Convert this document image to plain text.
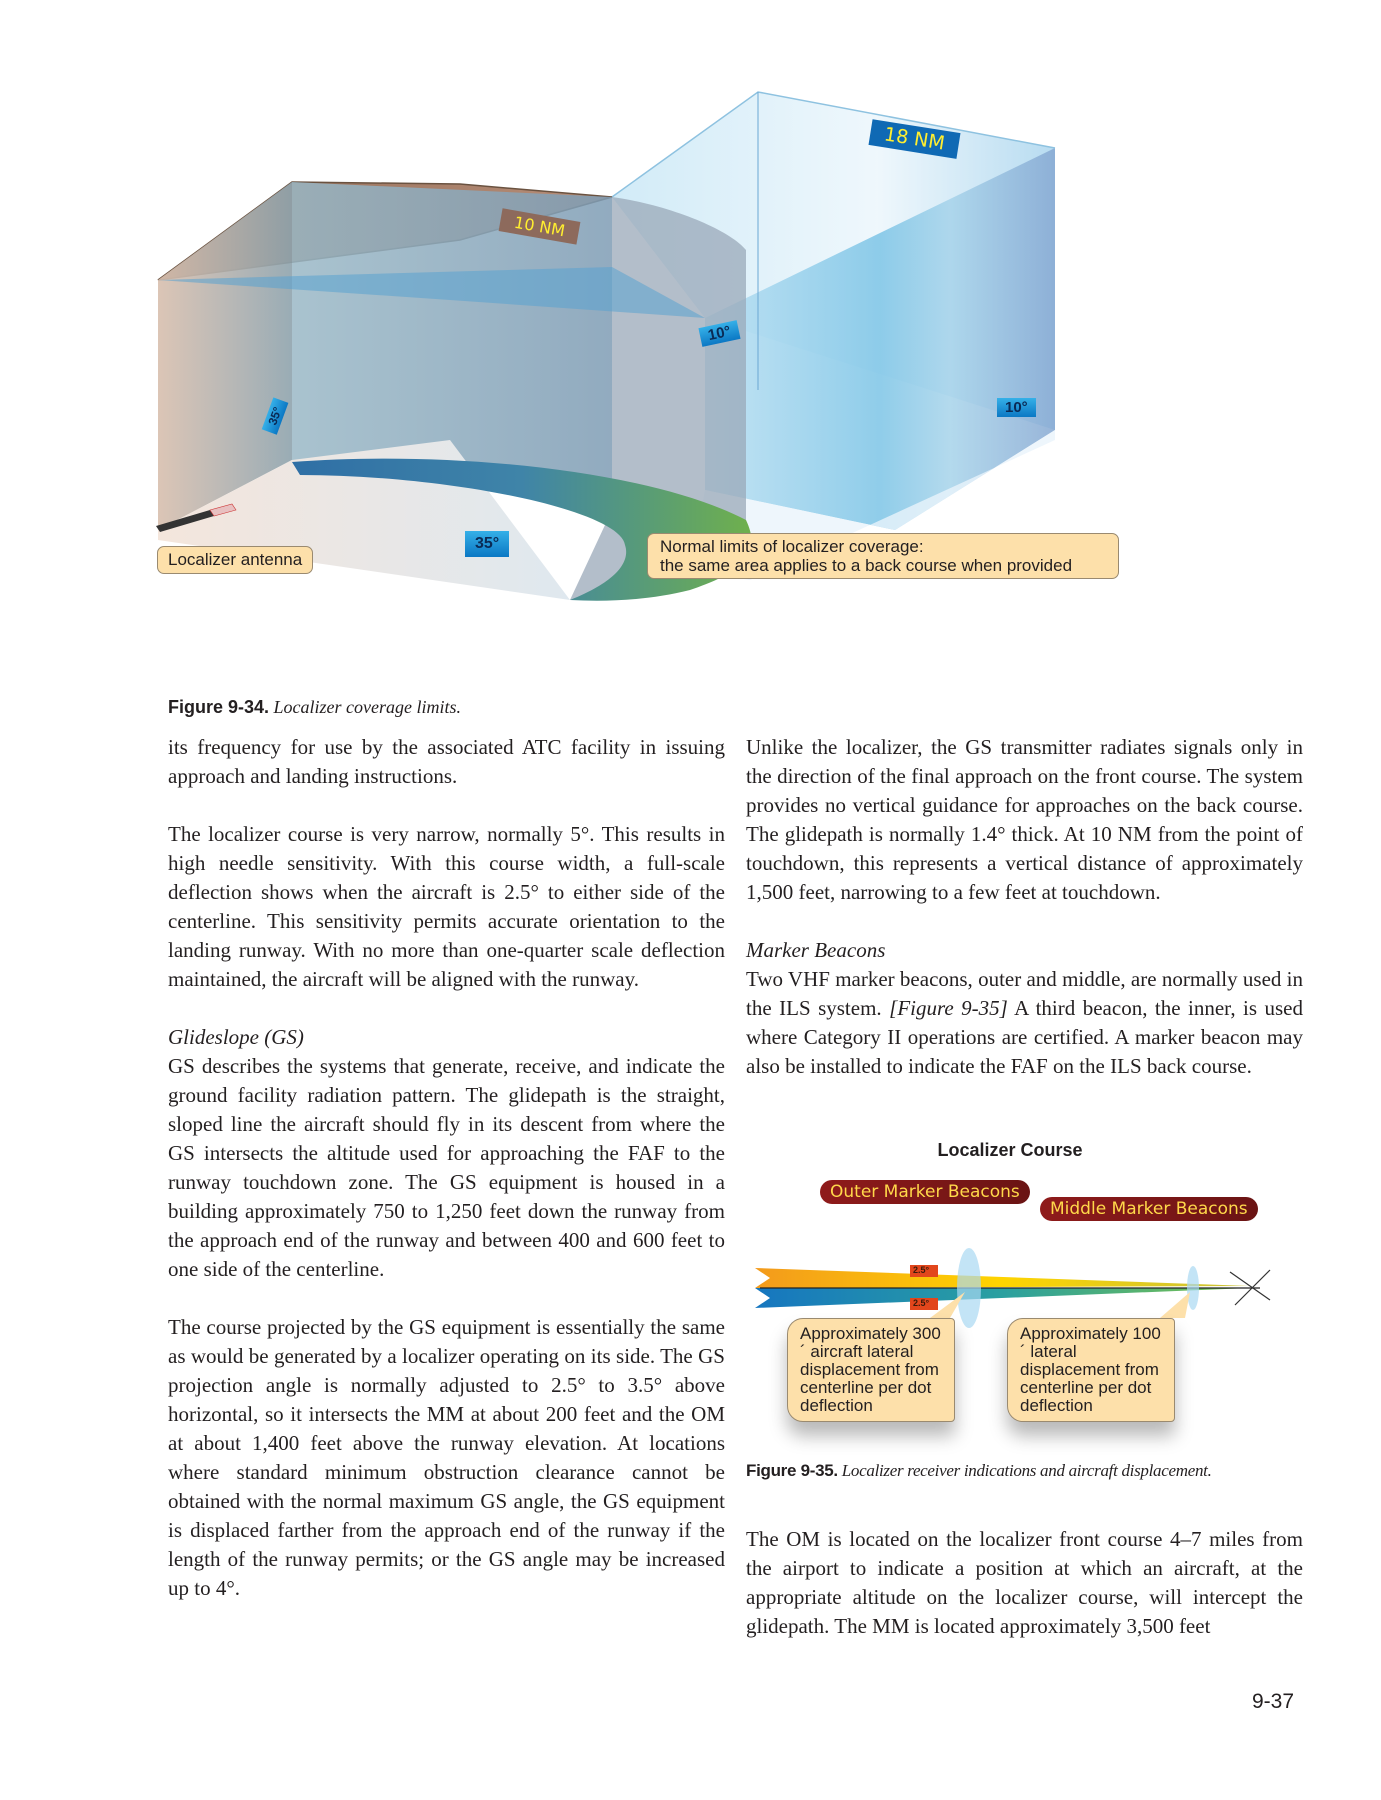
18 NM
10 NM
10°
10°
35°
35°
Localizer antenna
Normal limits of localizer coverage:
the same area applies to a back course when provided
Figure 9-34. Localizer coverage limits.

its frequency for use by the associated ATC facility in issuing approach and landing instructions.

The localizer course is very narrow, normally 5°. This results in high needle sensitivity. With this course width, a full-scale deflection shows when the aircraft is 2.5° to either side of the centerline. This sensitivity permits accurate orientation to the landing runway. With no more than one-quarter scale deflection maintained, the aircraft will be aligned with the runway.

Glideslope (GS)

GS describes the systems that generate, receive, and indicate the ground facility radiation pattern. The glidepath is the straight, sloped line the aircraft should fly in its descent from where the GS intersects the altitude used for approaching the FAF to the runway touchdown zone. The GS equipment is housed in a building approximately 750 to 1,250 feet down the runway from the approach end of the runway and between 400 and 600 feet to one side of the centerline.

The course projected by the GS equipment is essentially the same as would be generated by a localizer operating on its side. The GS projection angle is normally adjusted to 2.5° to 3.5° above horizontal, so it intersects the MM at about 200 feet and the OM at about 1,400 feet above the runway elevation. At locations where standard minimum obstruction clearance cannot be obtained with the normal maximum GS angle, the GS equipment is displaced farther from the approach end of the runway if the length of the runway permits; or the GS angle may be increased up to 4°.

Unlike the localizer, the GS transmitter radiates signals only in the direction of the final approach on the front course. The system provides no vertical guidance for approaches on the back course. The glidepath is normally 1.4° thick. At 10 NM from the point of touchdown, this represents a vertical distance of approximately 1,500 feet, narrowing to a few feet at touchdown.

Marker Beacons

Two VHF marker beacons, outer and middle, are normally used in the ILS system. [Figure 9-35] A third beacon, the inner, is used where Category II operations are certified. A marker beacon may also be installed to indicate the FAF on the ILS back course.

Localizer Course
Outer Marker Beacons
Middle Marker Beacons
2.5°
2.5°
Approximately 300´ aircraft lateral displacement from centerline per dot deflection
Approximately 100´ lateral displacement from centerline per dot deflection
Figure 9-35. Localizer receiver indications and aircraft displacement.

The OM is located on the localizer front course 4–7 miles from the airport to indicate a position at which an aircraft, at the appropriate altitude on the localizer course, will intercept the glidepath. The MM is located approximately 3,500 feet

9-37
